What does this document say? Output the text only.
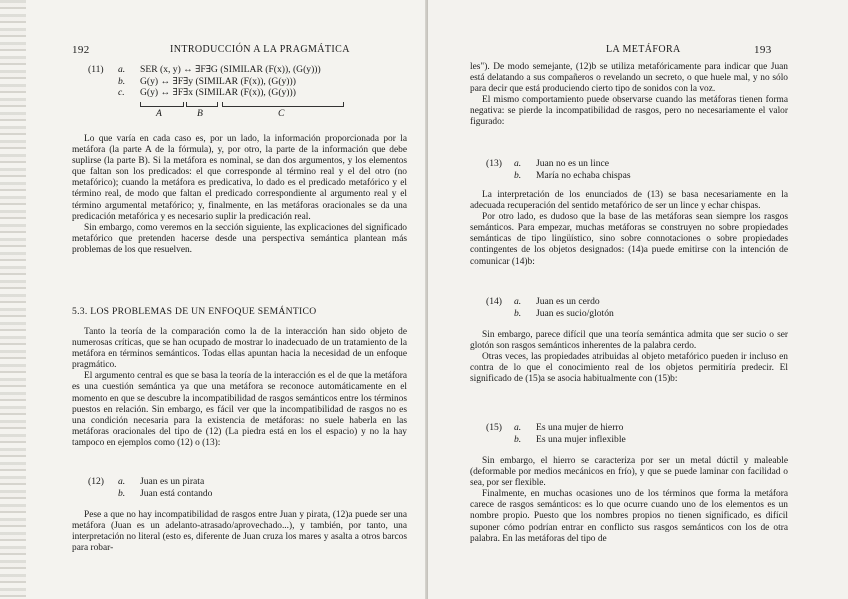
192	INTRODUCCIÓN A LA PRAGMÁTICA
(11) a.	SER (x, y) ↔ ∃F∃G (SIMILAR (F(x)), (G(y)))
b.	G(y) ↔ ∃F∃y (SIMILAR (F(x)), (G(y)))
c.	G(y) ↔ ∃F∃x (SIMILAR (F(x)), (G(y)))
A	B	C

Lo que varía en cada caso es, por un lado, la información proporcionada por la metáfora (la parte A de la fórmula), y, por otro, la parte de la información que debe suplirse (la parte B). Si la metáfora es nominal, se dan dos argumentos, y los elementos que faltan son los predicados: el que corresponde al término real y el del otro (no metafórico); cuando la metáfora es predicativa, lo dado es el predicado metafórico y el término real, de modo que faltan el predicado correspondiente al argumento real y el término argumental metafórico; y, finalmente, en las metáforas oracionales se da una predicación metafórica y es necesario suplir la predicación real.

Sin embargo, como veremos en la sección siguiente, las explicaciones del significado metafórico que pretenden hacerse desde una perspectiva semántica plantean más problemas de los que resuelven.

5.3. LOS PROBLEMAS DE UN ENFOQUE SEMÁNTICO

Tanto la teoría de la comparación como la de la interacción han sido objeto de numerosas críticas, que se han ocupado de mostrar lo inadecuado de un tratamiento de la metáfora en términos semánticos. Todas ellas apuntan hacia la necesidad de un enfoque pragmático.

El argumento central es que se basa la teoría de la interacción es el de que la metáfora es una cuestión semántica ya que una metáfora se reconoce automáticamente en el momento en que se descubre la incompatibilidad de rasgos semánticos entre los términos puestos en relación. Sin embargo, es fácil ver que la incompatibilidad de rasgos no es una condición necesaria para la existencia de metáforas: no suele haberla en las metáforas oracionales del tipo de (12) (La piedra está en los el espacio) y no la hay tampoco en ejemplos como (12) o (13):

(12) a.	Juan es un pirata
b.	Juan está contando

Pese a que no hay incompatibilidad de rasgos entre Juan y pirata, (12)a puede ser una metáfora (Juan es un adelanto-atrasado/aprovechado...), y también, por tanto, una interpretación no literal (esto es, diferente de Juan cruza los mares y asalta a otros barcos para robar-

LA METÁFORA	193

les"). De modo semejante, (12)b se utiliza metafóricamente para indicar que Juan está delatando a sus compañeros o revelando un secreto, o que huele mal, y no sólo para decir que está produciendo cierto tipo de sonidos con la voz.

El mismo comportamiento puede observarse cuando las metáforas tienen forma negativa: se pierde la incompatibilidad de rasgos, pero no necesariamente el valor figurado:

(13) a.	Juan no es un lince
b.	María no echaba chispas

La interpretación de los enunciados de (13) se basa necesariamente en la adecuada recuperación del sentido metafórico de ser un lince y echar chispas.

Por otro lado, es dudoso que la base de las metáforas sean siempre los rasgos semánticos. Para empezar, muchas metáforas se construyen no sobre propiedades semánticas de tipo lingüístico, sino sobre connotaciones o sobre propiedades contingentes de los objetos designados: (14)a puede emitirse con la intención de comunicar (14)b:

(14) a.	Juan es un cerdo
b.	Juan es sucio/glotón

Sin embargo, parece difícil que una teoría semántica admita que ser sucio o ser glotón son rasgos semánticos inherentes de la palabra cerdo.

Otras veces, las propiedades atribuidas al objeto metafórico pueden ir incluso en contra de lo que el conocimiento real de los objetos permitiría predecir. El significado de (15)a se asocia habitualmente con (15)b:

(15) a.	Es una mujer de hierro
b.	Es una mujer inflexible

Sin embargo, el hierro se caracteriza por ser un metal dúctil y maleable (deformable por medios mecánicos en frío), y que se puede laminar con facilidad o sea, por ser flexible.

Finalmente, en muchas ocasiones uno de los términos que forma la metáfora carece de rasgos semánticos: es lo que ocurre cuando uno de los elementos es un nombre propio. Puesto que los nombres propios no tienen significado, es difícil suponer cómo podrían entrar en conflicto sus rasgos semánticos con los de otra palabra. En las metáforas del tipo de
